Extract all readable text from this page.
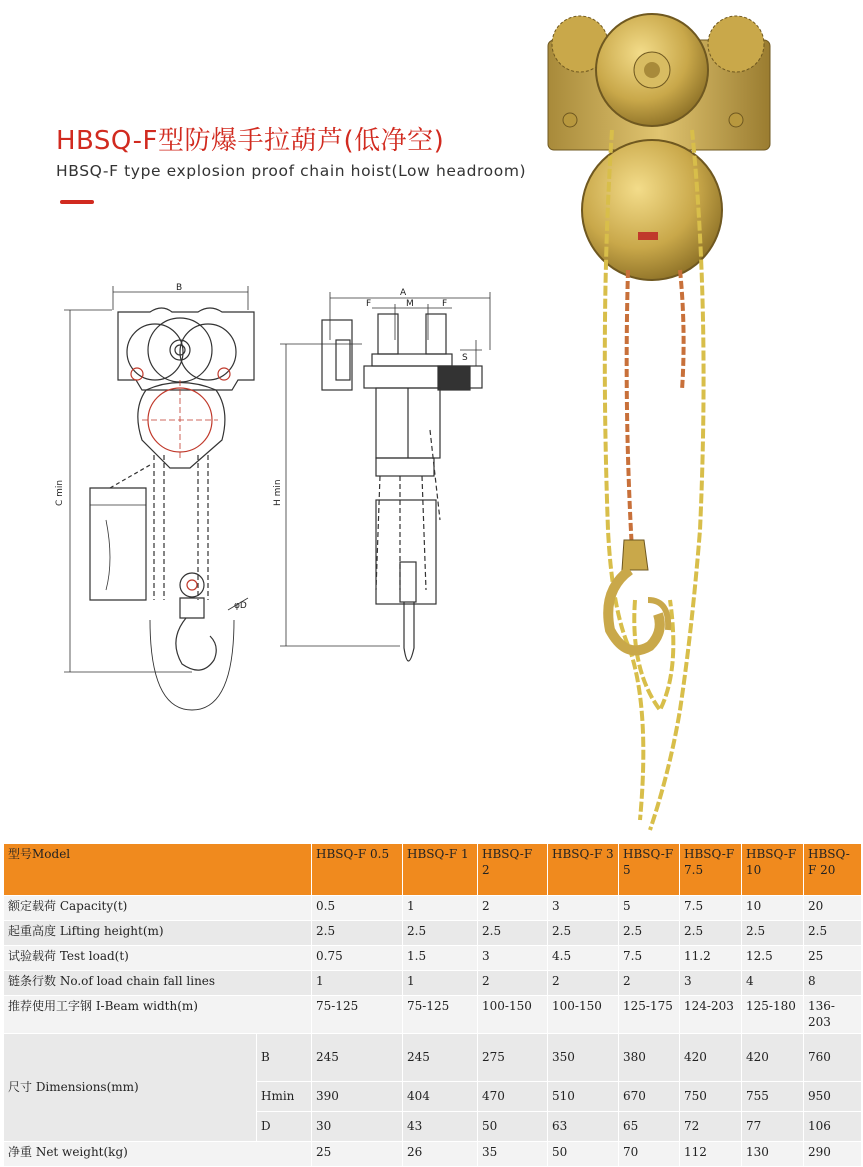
HBSQ-F型防爆手拉葫芦(低净空)
HBSQ-F type explosion proof chain hoist(Low headroom)
B
C min
φD
A
F	M	F
S
H min
型号Model		HBSQ-F 0.5	HBSQ-F 1	HBSQ-F 2	HBSQ-F 3	HBSQ-F 5	HBSQ-F 7.5	HBSQ-F 10	HBSQ-F 20
额定载荷 Capacity(t)		0.5	1	2	3	5	7.5	10	20
起重高度 Lifting height(m)		2.5	2.5	2.5	2.5	2.5	2.5	2.5	2.5
试验载荷 Test load(t)		0.75	1.5	3	4.5	7.5	11.2	12.5	25
链条行数 No.of load chain fall lines		1	1	2	2	2	3	4	8
推荐使用工字钢 I-Beam width(m)		75-125	75-125	100-150	100-150	125-175	124-203	125-180	136-203
尺寸 Dimensions(mm)	B	245	245	275	350	380	420	420	760
	Hmin	390	404	470	510	670	750	755	950
	D	30	43	50	63	65	72	77	106
净重 Net weight(kg)		25	26	35	50	70	112	130	290
